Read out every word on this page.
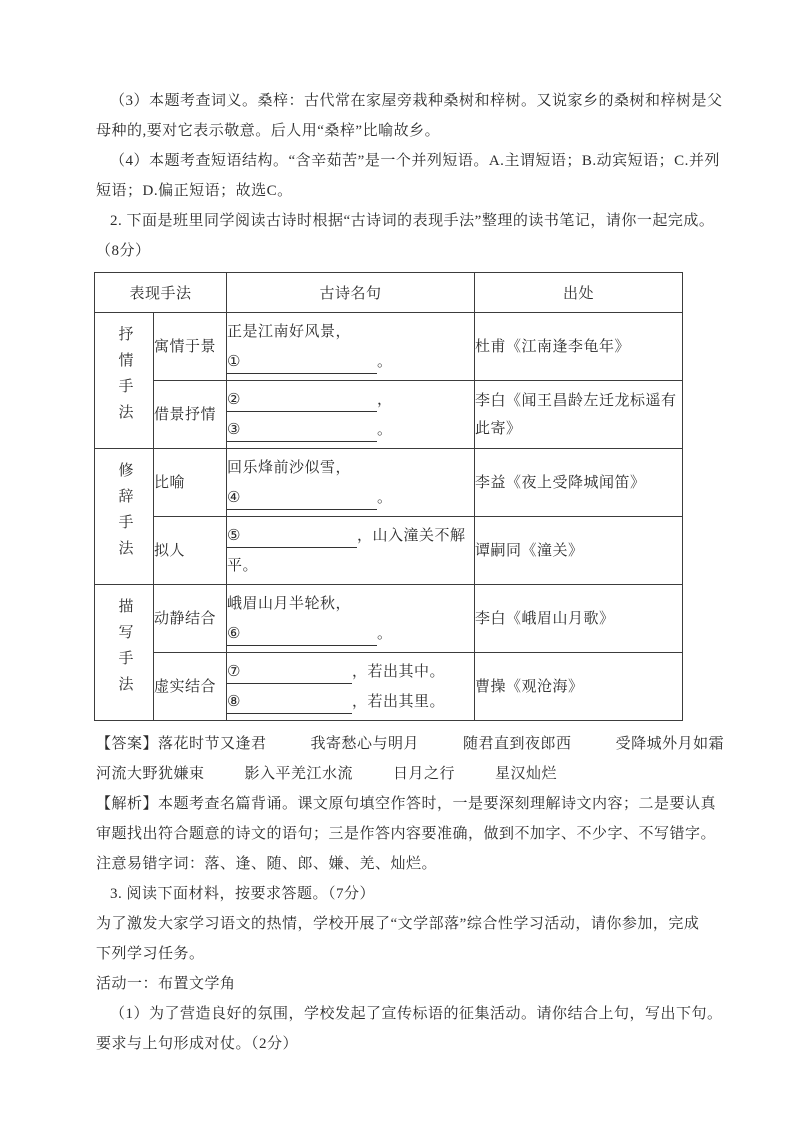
（3）本题考查词义。桑梓：古代常在家屋旁栽种桑树和梓树。又说家乡的桑树和梓树是父
母种的,要对它表示敬意。后人用“桑梓”比喻故乡。
（4）本题考查短语结构。“含辛茹苦”是一个并列短语。A.主谓短语；B.动宾短语；C.并列
短语；D.偏正短语；故选C。
2. 下面是班里同学阅读古诗时根据“古诗词的表现手法”整理的读书笔记，请你一起完成。
（8分）
表现手法		古诗名句	出处
抒情手法	寓情于景	正是江南好风景，
① 。	杜甫《江南逢李龟年》
	借景抒情	② ，
③ 。	李白《闻王昌龄左迁龙标遥有此寄》
修辞手法	比喻	回乐烽前沙似雪，
④ 。	李益《夜上受降城闻笛》
	拟人	⑤ ，山入潼关不解
平。	谭嗣同《潼关》
描写手法	动静结合	峨眉山月半轮秋，
⑥ 。	李白《峨眉山月歌》
	虚实结合	⑦ ，若出其中。
⑧ ，若出其里。	曹操《观沧海》
【答案】落花时节又逢君	我寄愁心与明月	随君直到夜郎西	受降城外月如霜
河流大野犹嫌束	影入平羌江水流	日月之行	星汉灿烂
【解析】本题考查名篇背诵。课文原句填空作答时，一是要深刻理解诗文内容；二是要认真
审题找出符合题意的诗文的语句；三是作答内容要准确，做到不加字、不少字、不写错字。
注意易错字词：落、逢、随、郎、嫌、羌、灿烂。
3. 阅读下面材料，按要求答题。（7分）
为了激发大家学习语文的热情，学校开展了“文学部落”综合性学习活动，请你参加，完成
下列学习任务。
活动一：布置文学角
（1）为了营造良好的氛围，学校发起了宣传标语的征集活动。请你结合上句，写出下句。
要求与上句形成对仗。（2分）
